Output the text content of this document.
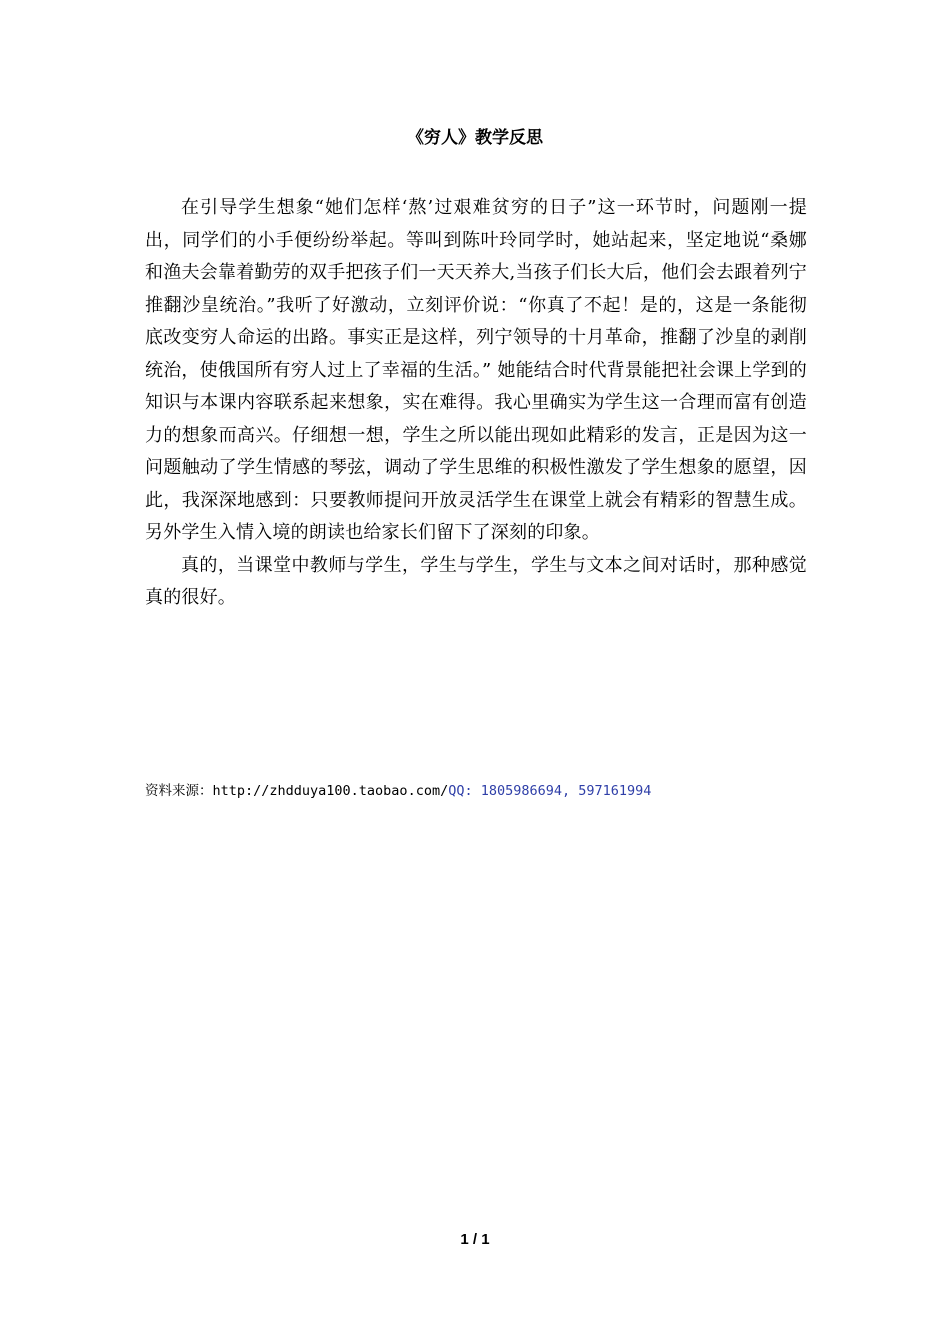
《穷人》教学反思

在引导学生想象“她们怎样‘熬’过艰难贫穷的日子”这一环节时，问题刚一提出，同学们的小手便纷纷举起。等叫到陈叶玲同学时，她站起来，坚定地说“桑娜和渔夫会靠着勤劳的双手把孩子们一天天养大,当孩子们长大后，他们会去跟着列宁推翻沙皇统治。”我听了好激动，立刻评价说：“你真了不起！是的，这是一条能彻底改变穷人命运的出路。事实正是这样，列宁领导的十月革命，推翻了沙皇的剥削统治，使俄国所有穷人过上了幸福的生活。” 她能结合时代背景能把社会课上学到的知识与本课内容联系起来想象，实在难得。我心里确实为学生这一合理而富有创造力的想象而高兴。仔细想一想，学生之所以能出现如此精彩的发言，正是因为这一问题触动了学生情感的琴弦，调动了学生思维的积极性激发了学生想象的愿望，因此，我深深地感到：只要教师提问开放灵活学生在课堂上就会有精彩的智慧生成。另外学生入情入境的朗读也给家长们留下了深刻的印象。

真的，当课堂中教师与学生，学生与学生，学生与文本之间对话时，那种感觉真的很好。

资料来源：http://zhdduya100.taobao.com/QQ: 1805986694, 597161994
1 / 1
